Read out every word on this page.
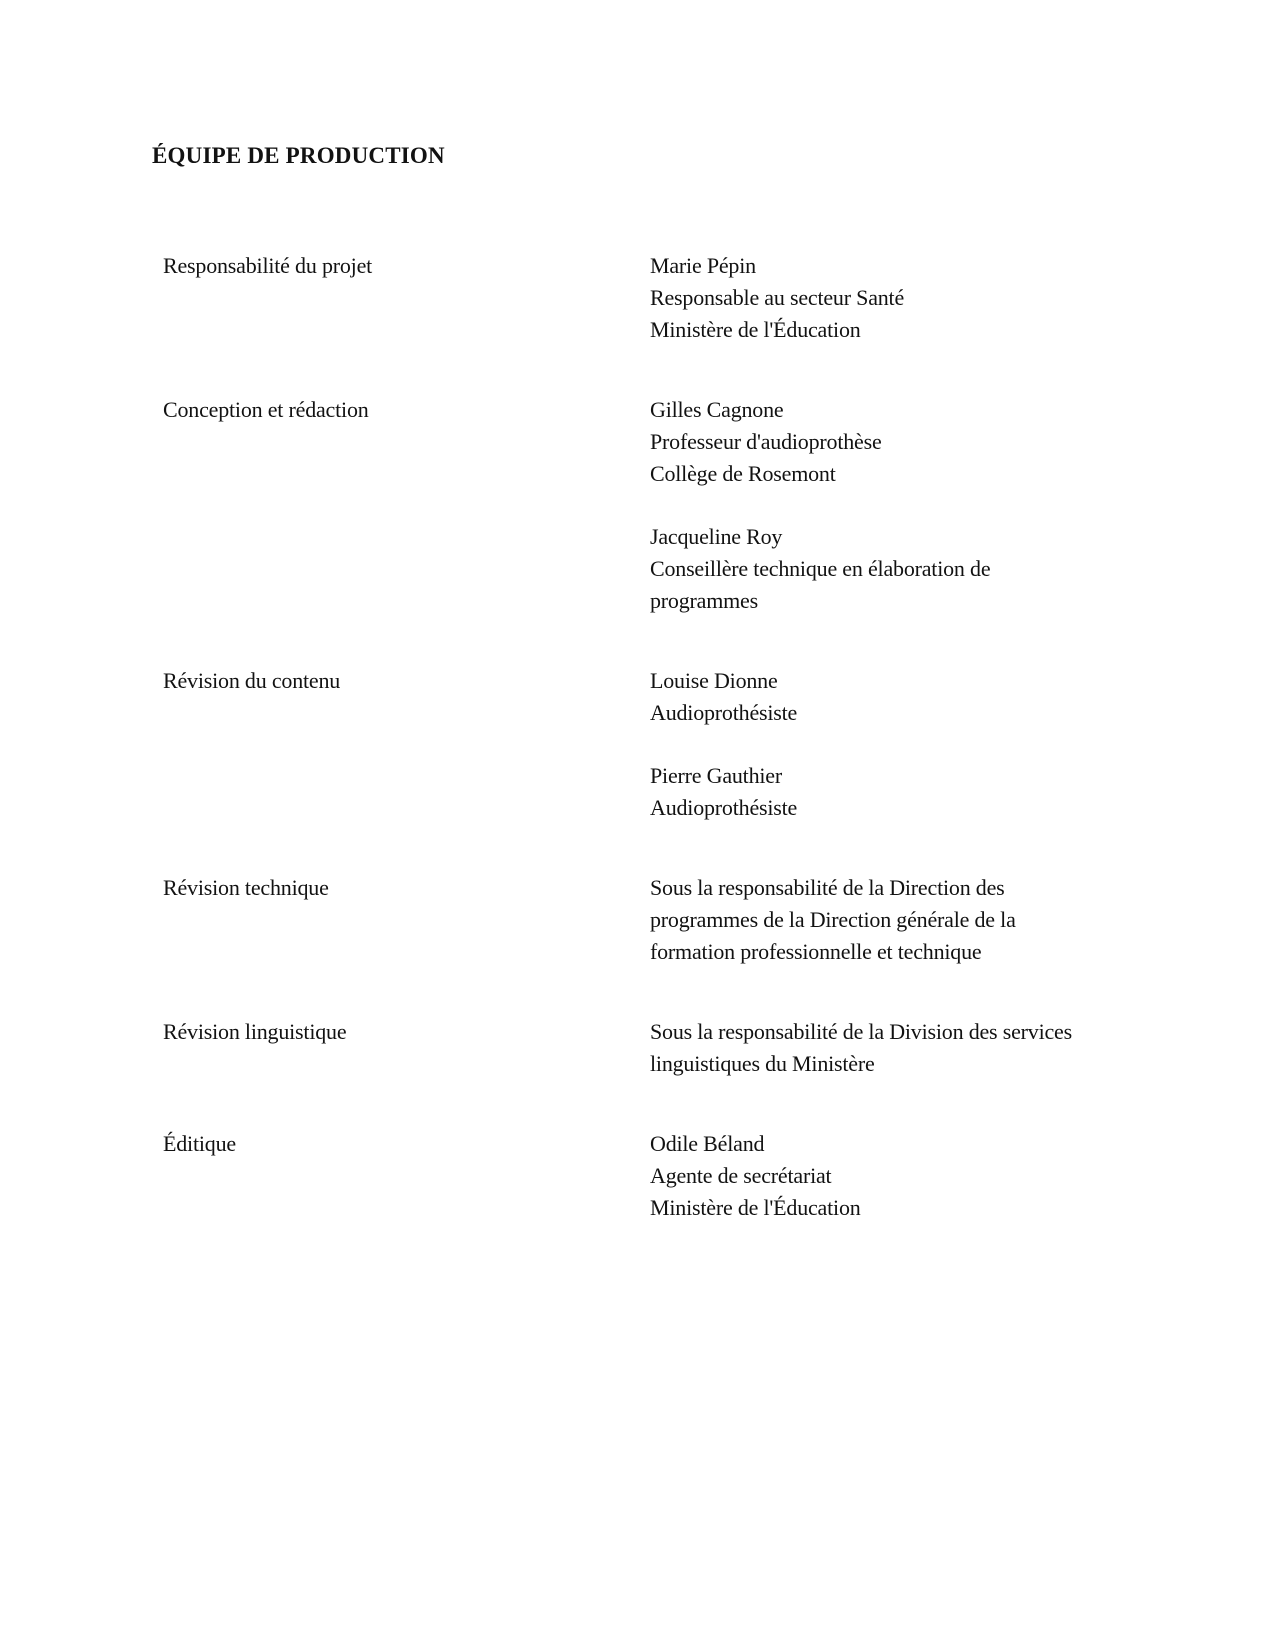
ÉQUIPE DE PRODUCTION
Responsabilité du projet	Marie Pépin
Responsable au secteur Santé
Ministère de l'Éducation
Conception et rédaction	Gilles Cagnone
Professeur d'audioprothèse
Collège de Rosemont
Jacqueline Roy
Conseillère technique en élaboration de
programmes
Révision du contenu	Louise Dionne
Audioprothésiste
Pierre Gauthier
Audioprothésiste
Révision technique	Sous la responsabilité de la Direction des
programmes de la Direction générale de la
formation professionnelle et technique
Révision linguistique	Sous la responsabilité de la Division des services
linguistiques du Ministère
Éditique	Odile Béland
Agente de secrétariat
Ministère de l'Éducation
